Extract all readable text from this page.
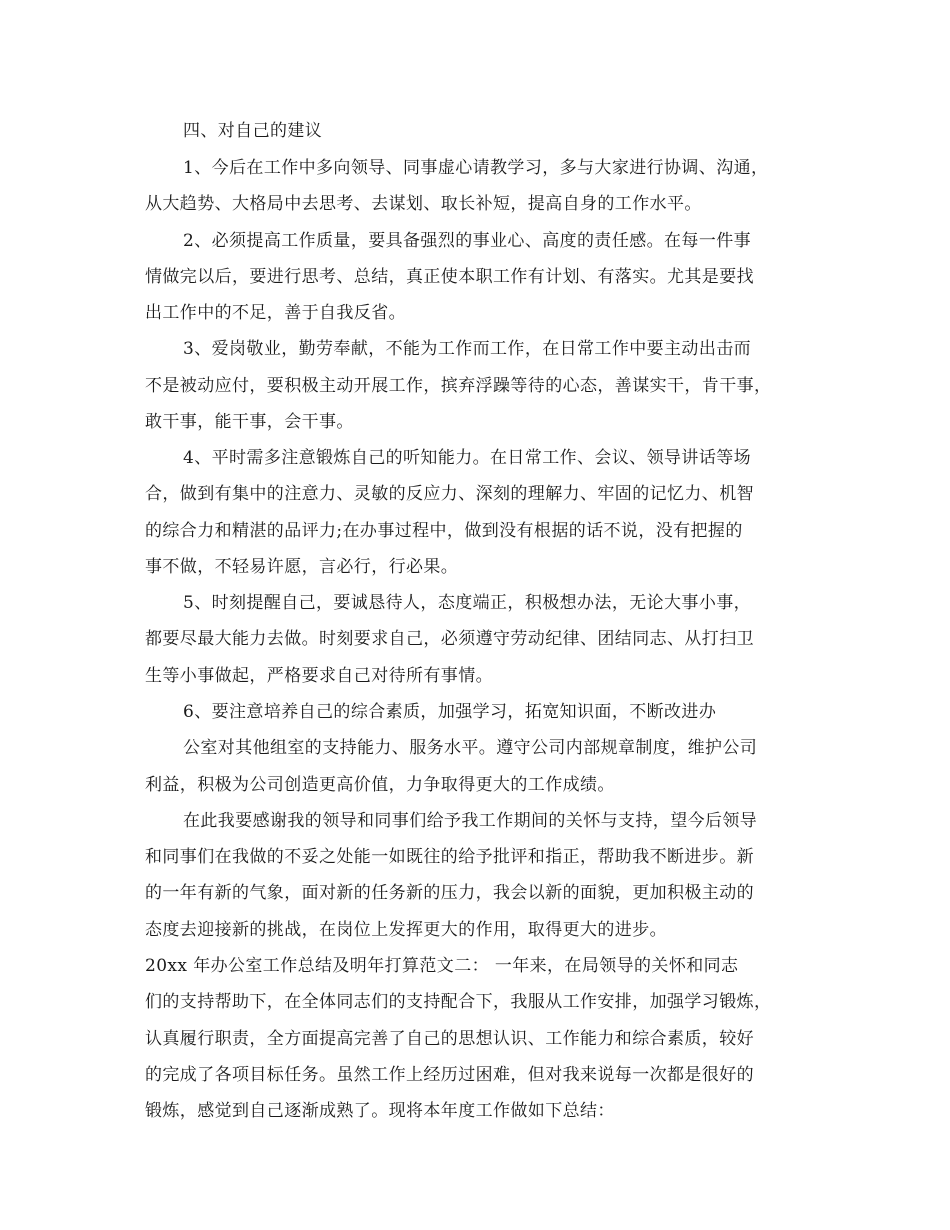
四、对自己的建议
1、今后在工作中多向领导、同事虚心请教学习，多与大家进行协调、沟通，
从大趋势、大格局中去思考、去谋划、取长补短，提高自身的工作水平。
2、必须提高工作质量，要具备强烈的事业心、高度的责任感。在每一件事
情做完以后，要进行思考、总结，真正使本职工作有计划、有落实。尤其是要找
出工作中的不足，善于自我反省。
3、爱岗敬业，勤劳奉献，不能为工作而工作，在日常工作中要主动出击而
不是被动应付，要积极主动开展工作，摈弃浮躁等待的心态，善谋实干，肯干事，
敢干事，能干事，会干事。
4、平时需多注意锻炼自己的听知能力。在日常工作、会议、领导讲话等场
合，做到有集中的注意力、灵敏的反应力、深刻的理解力、牢固的记忆力、机智
的综合力和精湛的品评力;在办事过程中，做到没有根据的话不说，没有把握的
事不做，不轻易许愿，言必行，行必果。
5、时刻提醒自己，要诚恳待人，态度端正，积极想办法，无论大事小事，
都要尽最大能力去做。时刻要求自己，必须遵守劳动纪律、团结同志、从打扫卫
生等小事做起，严格要求自己对待所有事情。
6、要注意培养自己的综合素质，加强学习，拓宽知识面，不断改进办
公室对其他组室的支持能力、服务水平。遵守公司内部规章制度，维护公司
利益，积极为公司创造更高价值，力争取得更大的工作成绩。
在此我要感谢我的领导和同事们给予我工作期间的关怀与支持，望今后领导
和同事们在我做的不妥之处能一如既往的给予批评和指正，帮助我不断进步。新
的一年有新的气象，面对新的任务新的压力，我会以新的面貌，更加积极主动的
态度去迎接新的挑战，在岗位上发挥更大的作用，取得更大的进步。
20xx 年办公室工作总结及明年打算范文二： 一年来，在局领导的关怀和同志
们的支持帮助下，在全体同志们的支持配合下，我服从工作安排，加强学习锻炼，
认真履行职责，全方面提高完善了自己的思想认识、工作能力和综合素质，较好
的完成了各项目标任务。虽然工作上经历过困难，但对我来说每一次都是很好的
锻炼，感觉到自己逐渐成熟了。现将本年度工作做如下总结：
